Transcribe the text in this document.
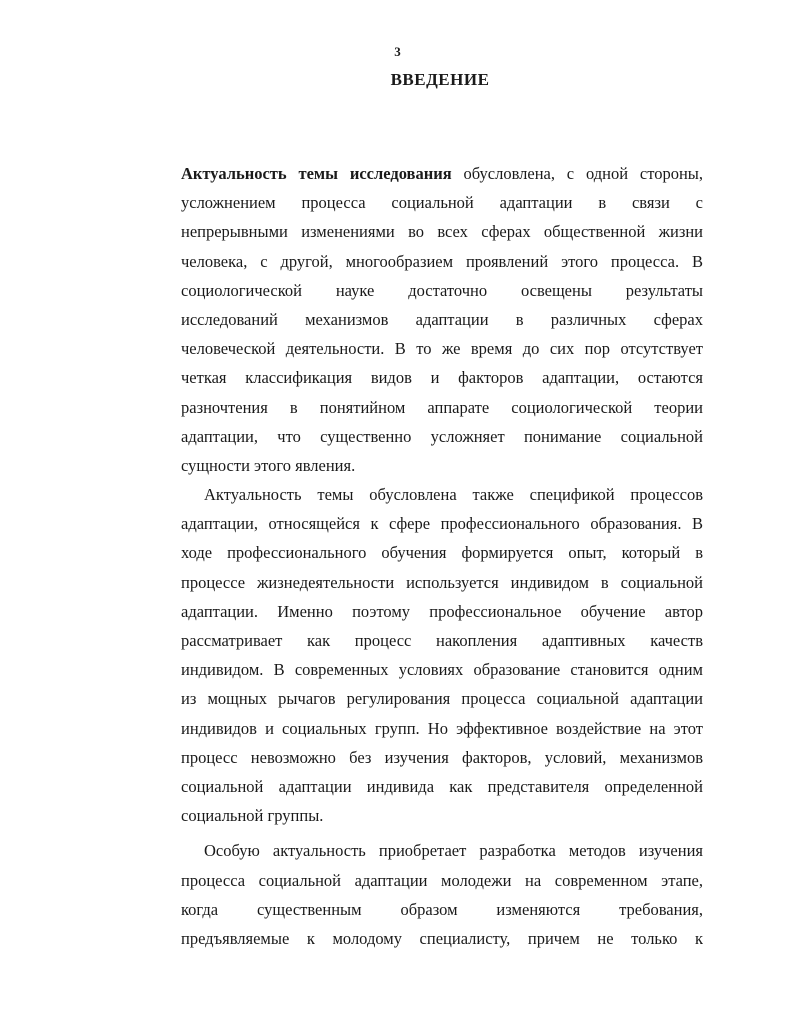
3
ВВЕДЕНИЕ
Актуальность темы исследования обусловлена, с одной стороны,
усложнением процесса социальной адаптации в связи с
непрерывными изменениями во всех сферах общественной жизни
человека, с другой, многообразием проявлений этого процесса. В
социологической науке достаточно освещены результаты
исследований механизмов адаптации в различных сферах
человеческой деятельности. В то же время до сих пор отсутствует
четкая классификация видов и факторов адаптации, остаются
разночтения в понятийном аппарате социологической теории
адаптации, что существенно усложняет понимание социальной
сущности этого явления.
Актуальность темы обусловлена также спецификой процессов
адаптации, относящейся к сфере профессионального образования. В
ходе профессионального обучения формируется опыт, который в
процессе жизнедеятельности используется индивидом в социальной
адаптации. Именно поэтому профессиональное обучение автор
рассматривает как процесс накопления адаптивных качеств
индивидом. В современных условиях образование становится одним
из мощных рычагов регулирования процесса социальной адаптации
индивидов и социальных групп. Но эффективное воздействие на этот
процесс невозможно без изучения факторов, условий, механизмов
социальной адаптации индивида как представителя определенной
социальной группы.
Особую актуальность приобретает разработка методов изучения
процесса социальной адаптации молодежи на современном этапе,
когда существенным образом изменяются требования,
предъявляемые к молодому специалисту, причем не только к
